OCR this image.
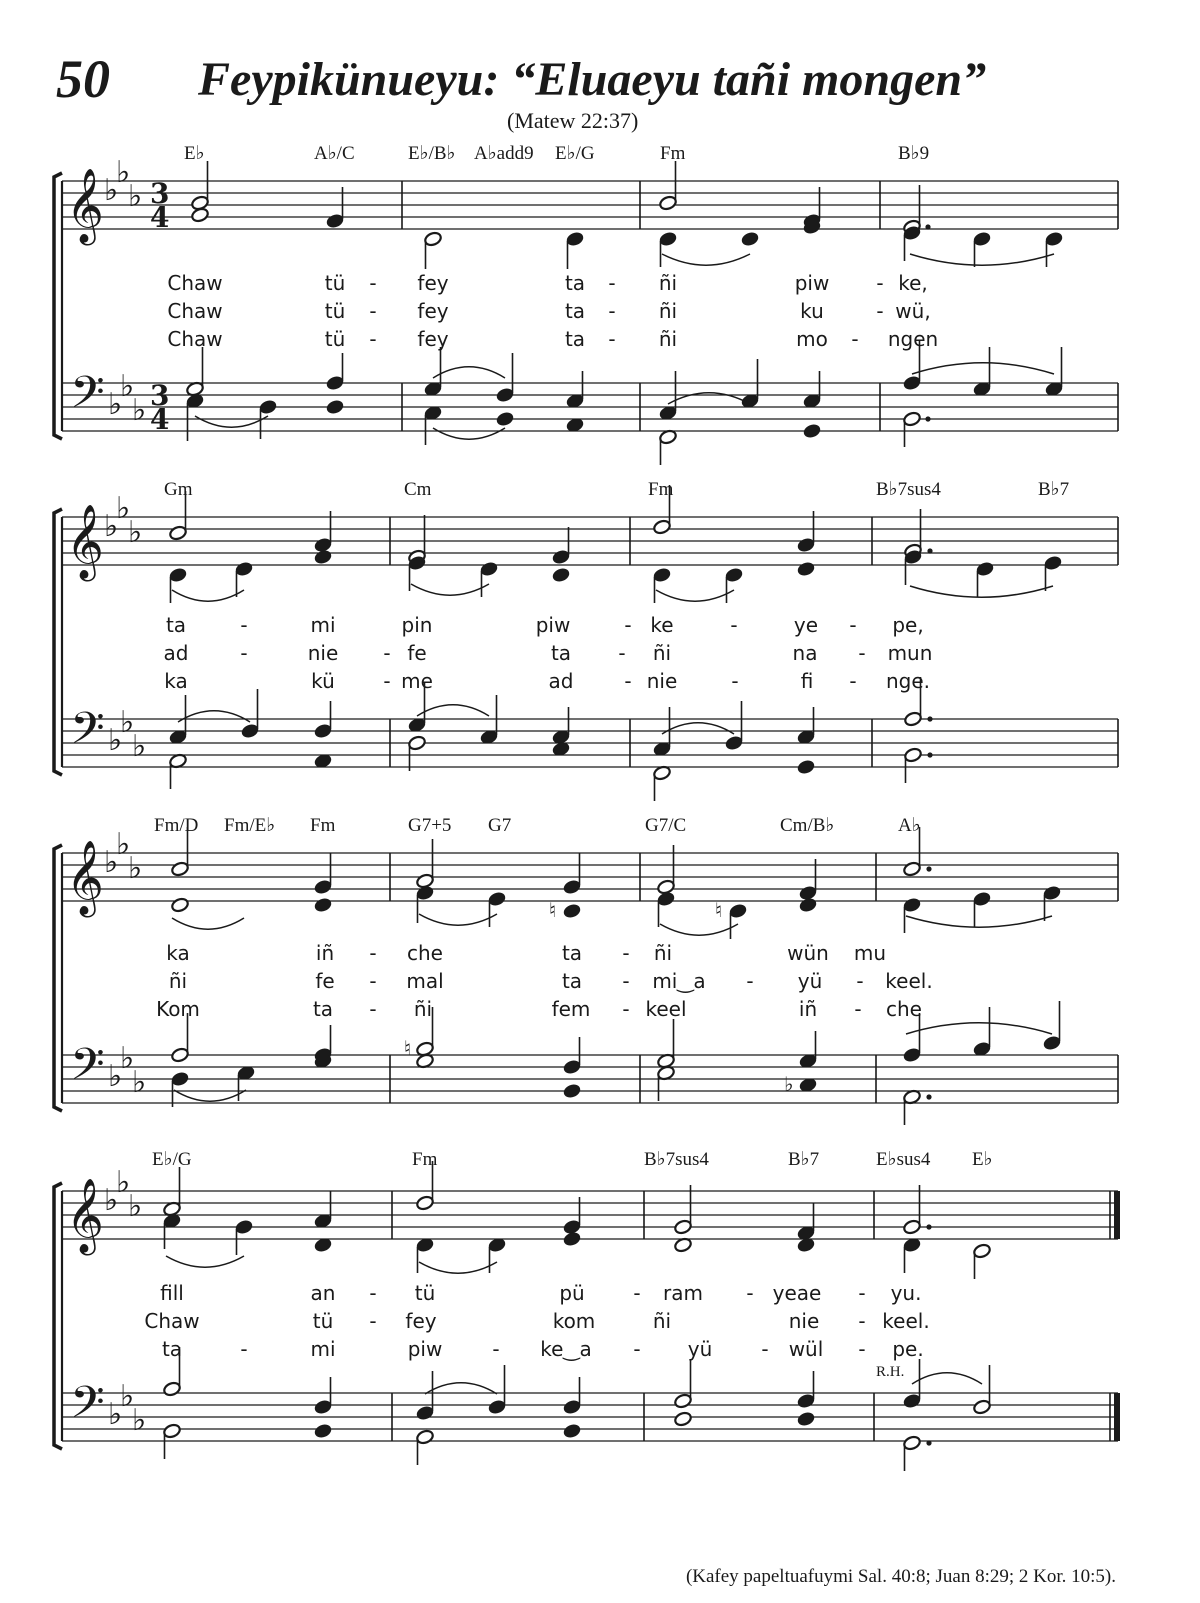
50 Feypikünueyu: “Eluaeyu tañi mongen”
(Matew 22:37)
E♭	A♭/C	E♭/B♭ A♭add9 E♭/G	Fm	B♭9
Gm	Cm	Fm	B♭7sus4	B♭7
Fm/D Fm/E♭ Fm	G7+5 G7	G7/C	Cm/B♭	A♭
E♭/G	Fm	B♭7sus4	B♭7	E♭sus4 E♭
R.H.
Chaw	tü - fey	ta - ñi	piw - ke,
Chaw	tü - fey	ta - ñi	ku	- wü,
Chaw	tü - fey	ta - ñi	mo - ngen
ta	-	mi	pin	piw	- ke	-	ye - pe,
ad	-	nie - fe	ta - ñi	na - mun
ka	kü - me	ad	- nie	-	fi - nge.
ka	iñ - che	ta - ñi	wün mu
ñi	fe - mal	ta - mi‿a - yü - keel.
Kom	ta - ñi	fem - keel	iñ - che
fill	an - tü	pü - ram - yeae - yu.
Chaw	tü - fey	kom	ñi	nie - keel.
ta	-	mi	piw	- ke‿a - yü - wül - pe.
𝄞
𝄢
♭
♭
♭
♭
♭
♭
3
4
3
4
𝄞
𝄢
♭
♭
♭
♭
♭
♭
𝄞
𝄢
♭
♭
♭
♭
♭
♭
𝄞
𝄢
♭
♭
♭
♭
♭
♭
♮	♮
♮
♭
(Kafey papeltuafuymi Sal. 40:8; Juan 8:29; 2 Kor. 10:5).
